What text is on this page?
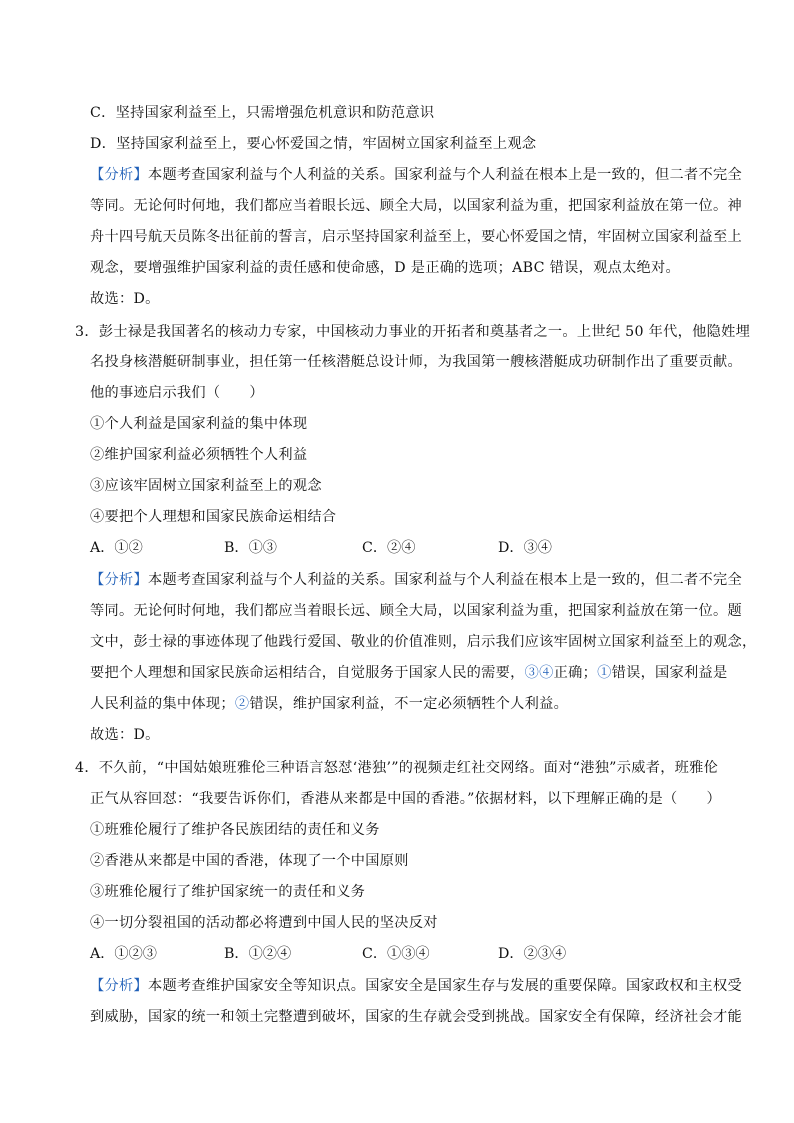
C．坚持国家利益至上，只需增强危机意识和防范意识
D．坚持国家利益至上，要心怀爱国之情，牢固树立国家利益至上观念
【分析】本题考查国家利益与个人利益的关系。国家利益与个人利益在根本上是一致的，但二者不完全
等同。无论何时何地，我们都应当着眼长远、顾全大局，以国家利益为重，把国家利益放在第一位。神
舟十四号航天员陈冬出征前的誓言，启示坚持国家利益至上，要心怀爱国之情，牢固树立国家利益至上
观念，要增强维护国家利益的责任感和使命感，D 是正确的选项；ABC 错误，观点太绝对。
故选：D。
3．彭士禄是我国著名的核动力专家，中国核动力事业的开拓者和奠基者之一。上世纪 50 年代，他隐姓埋
名投身核潜艇研制事业，担任第一任核潜艇总设计师，为我国第一艘核潜艇成功研制作出了重要贡献。
他的事迹启示我们（　　）
①个人利益是国家利益的集中体现
②维护国家利益必须牺牲个人利益
③应该牢固树立国家利益至上的观念
④要把个人理想和国家民族命运相结合
A．①②	B．①③	C．②④	D．③④
【分析】本题考查国家利益与个人利益的关系。国家利益与个人利益在根本上是一致的，但二者不完全
等同。无论何时何地，我们都应当着眼长远、顾全大局，以国家利益为重，把国家利益放在第一位。题
文中，彭士禄的事迹体现了他践行爱国、敬业的价值准则，启示我们应该牢固树立国家利益至上的观念，
要把个人理想和国家民族命运相结合，自觉服务于国家人民的需要，③④正确；①错误，国家利益是
人民利益的集中体现；②错误，维护国家利益，不一定必须牺牲个人利益。
故选：D。
4．不久前，“中国姑娘班雅伦三种语言怒怼‘港独’”的视频走红社交网络。面对“港独”示威者，班雅伦
正气从容回怼：“我要告诉你们，香港从来都是中国的香港。”依据材料，以下理解正确的是（　　）
①班雅伦履行了维护各民族团结的责任和义务
②香港从来都是中国的香港，体现了一个中国原则
③班雅伦履行了维护国家统一的责任和义务
④一切分裂祖国的活动都必将遭到中国人民的坚决反对
A．①②③	B．①②④	C．①③④	D．②③④
【分析】本题考查维护国家安全等知识点。国家安全是国家生存与发展的重要保障。国家政权和主权受
到威胁，国家的统一和领土完整遭到破坏，国家的生存就会受到挑战。国家安全有保障，经济社会才能
